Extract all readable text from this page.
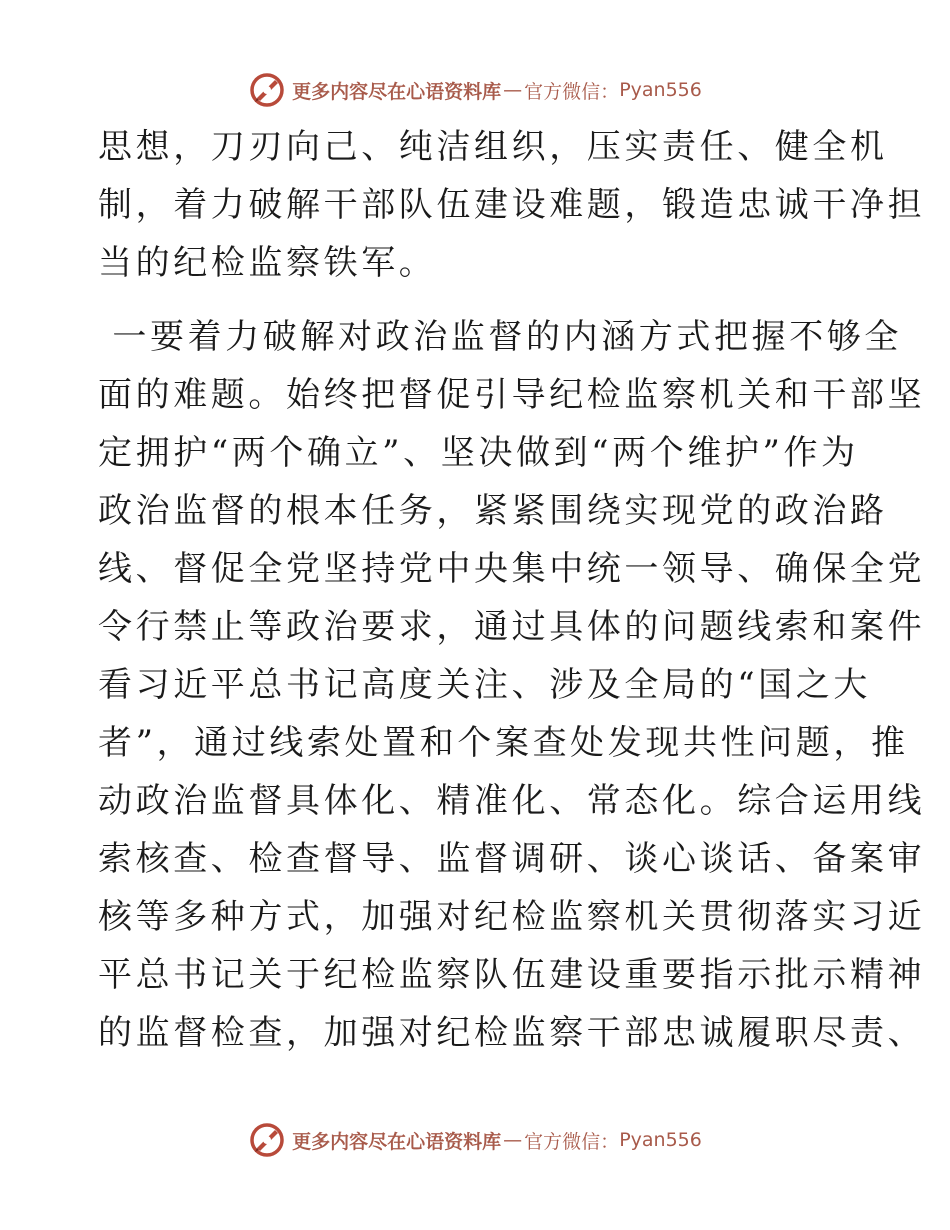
更多内容尽在心语资料库 — 官方微信： Pyan556
思想，刀刃向己、纯洁组织，压实责任、健全机
制，着力破解干部队伍建设难题，锻造忠诚干净担
当的纪检监察铁军。
一要着力破解对政治监督的内涵方式把握不够全
面的难题。始终把督促引导纪检监察机关和干部坚
定拥护“两个确立”、坚决做到“两个维护”作为
政治监督的根本任务，紧紧围绕实现党的政治路
线、督促全党坚持党中央集中统一领导、确保全党
令行禁止等政治要求，通过具体的问题线索和案件
看习近平总书记高度关注、涉及全局的“国之大
者”，通过线索处置和个案查处发现共性问题，推
动政治监督具体化、精准化、常态化。综合运用线
索核查、检查督导、监督调研、谈心谈话、备案审
核等多种方式，加强对纪检监察机关贯彻落实习近
平总书记关于纪检监察队伍建设重要指示批示精神
的监督检查，加强对纪检监察干部忠诚履职尽责、
更多内容尽在心语资料库 — 官方微信： Pyan556
